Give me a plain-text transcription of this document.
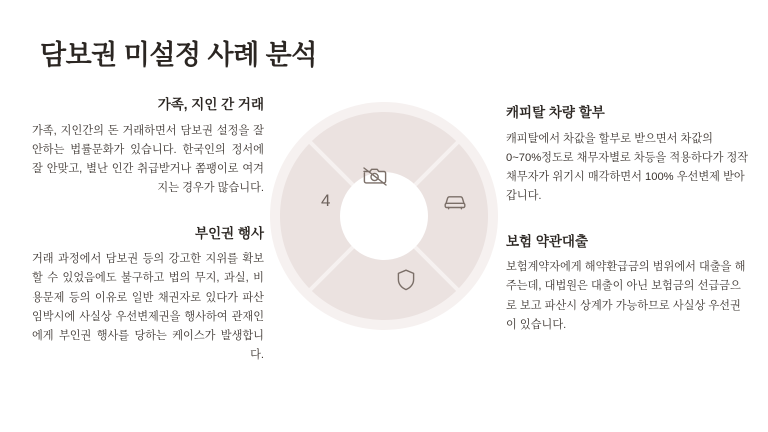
담보권 미설정 사례 분석
가족, 지인 간 거래
가족, 지인간의 돈 거래하면서 담보권 설정을 잘 안하는 법률문화가 있습니다. 한국인의 정서에 잘 안맞고, 별난 인간 취급받거나 쫌팽이로 여겨지는 경우가 많습니다.
부인권 행사
거래 과정에서 담보권 등의 강고한 지위를 확보할 수 있었음에도 불구하고 법의 무지, 과실, 비용문제 등의 이유로 일반 채권자로 있다가 파산 임박시에 사실상 우선변제권을 행사하여 관재인에게 부인권 행사를 당하는 케이스가 발생합니다.
캐피탈 차량 할부
캐피탈에서 차값을 할부로 받으면서 차값의 0~70%정도로 채무자별로 차등을 적용하다가 정작 채무자가 위기시 매각하면서 100% 우선변제 받아갑니다.
보험 약관대출
보험계약자에게 해약환급금의 범위에서 대출을 해주는데, 대법원은 대출이 아닌 보험금의 선급금으로 보고 파산시 상계가 가능하므로 사실상 우선권이 있습니다.
4
